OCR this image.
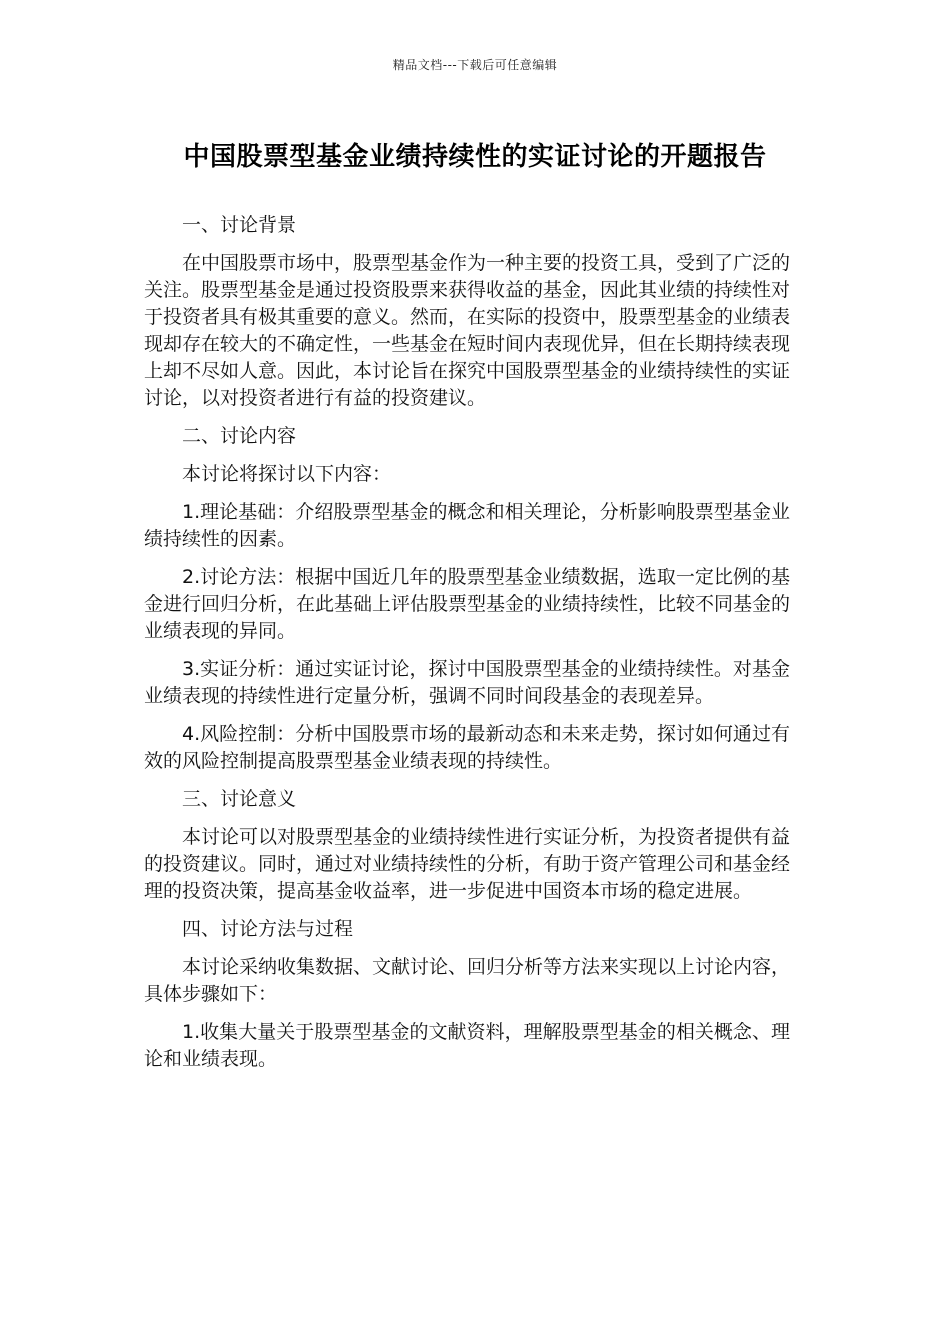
精品文档---下载后可任意编辑
中国股票型基金业绩持续性的实证讨论的开题报告

一、讨论背景

在中国股票市场中，股票型基金作为一种主要的投资工具，受到了广泛的关注。股票型基金是通过投资股票来获得收益的基金，因此其业绩的持续性对于投资者具有极其重要的意义。然而，在实际的投资中，股票型基金的业绩表现却存在较大的不确定性，一些基金在短时间内表现优异，但在长期持续表现上却不尽如人意。因此，本讨论旨在探究中国股票型基金的业绩持续性的实证讨论，以对投资者进行有益的投资建议。

二、讨论内容

本讨论将探讨以下内容：

1.理论基础：介绍股票型基金的概念和相关理论，分析影响股票型基金业绩持续性的因素。

2.讨论方法：根据中国近几年的股票型基金业绩数据，选取一定比例的基金进行回归分析，在此基础上评估股票型基金的业绩持续性，比较不同基金的业绩表现的异同。

3.实证分析：通过实证讨论，探讨中国股票型基金的业绩持续性。对基金业绩表现的持续性进行定量分析，强调不同时间段基金的表现差异。

4.风险控制：分析中国股票市场的最新动态和未来走势，探讨如何通过有效的风险控制提高股票型基金业绩表现的持续性。

三、讨论意义

本讨论可以对股票型基金的业绩持续性进行实证分析，为投资者提供有益的投资建议。同时，通过对业绩持续性的分析，有助于资产管理公司和基金经理的投资决策，提高基金收益率，进一步促进中国资本市场的稳定进展。

四、讨论方法与过程

本讨论采纳收集数据、文献讨论、回归分析等方法来实现以上讨论内容，具体步骤如下：

1.收集大量关于股票型基金的文献资料，理解股票型基金的相关概念、理论和业绩表现。
